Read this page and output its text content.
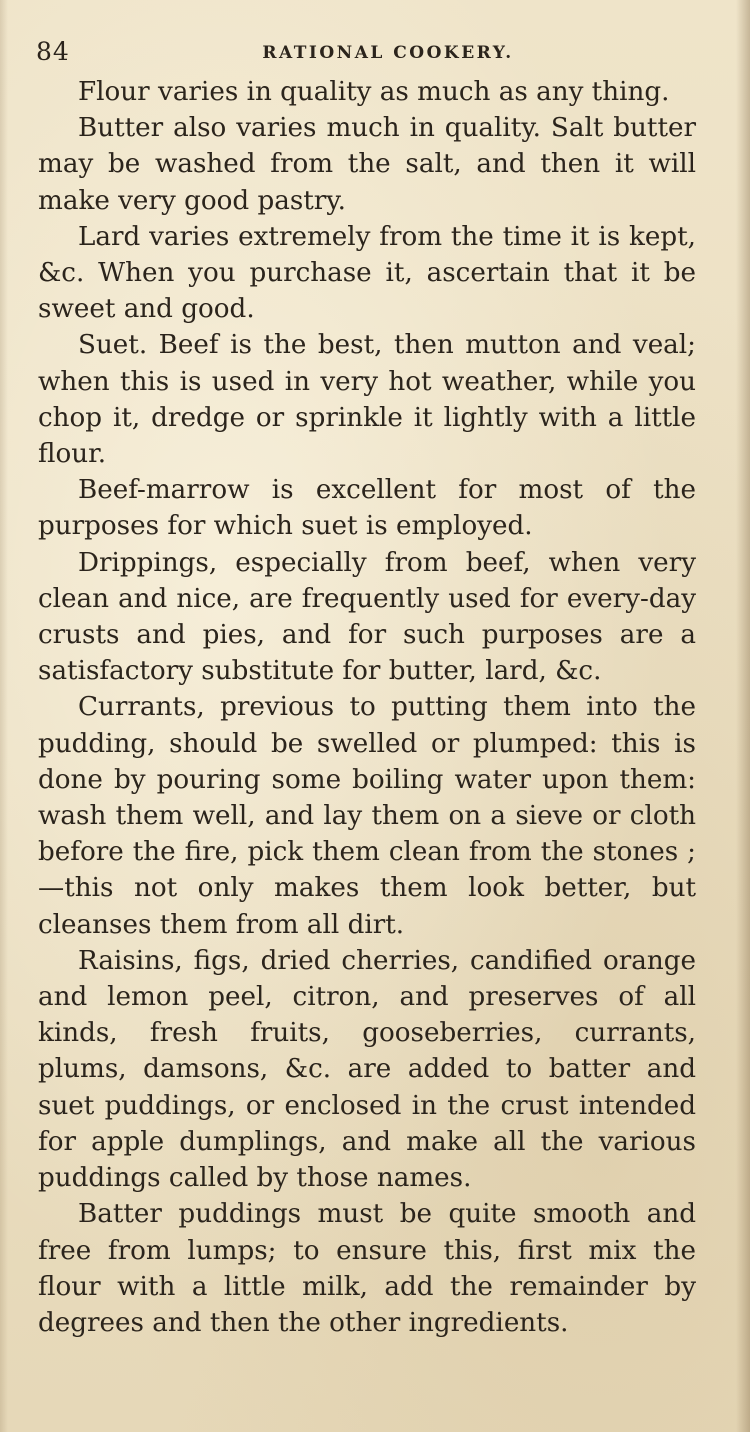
84	RATIONAL COOKERY.

Flour varies in quality as much as any thing.

Butter also varies much in quality. Salt butter may be washed from the salt, and then it will make very good pastry.

Lard varies extremely from the time it is kept, &c. When you purchase it, ascertain that it be sweet and good.

Suet. Beef is the best, then mutton and veal; when this is used in very hot weather, while you chop it, dredge or sprinkle it lightly with a little flour.

Beef-marrow is excellent for most of the purposes for which suet is employed.

Drippings, especially from beef, when very clean and nice, are frequently used for every-day crusts and pies, and for such purposes are a satisfactory substitute for butter, lard, &c.

Currants, previous to putting them into the pudding, should be swelled or plumped: this is done by pouring some boiling water upon them: wash them well, and lay them on a sieve or cloth before the fire, pick them clean from the stones ;—this not only makes them look better, but cleanses them from all dirt.

Raisins, figs, dried cherries, candified orange and lemon peel, citron, and preserves of all kinds, fresh fruits, gooseberries, currants, plums, damsons, &c. are added to batter and suet puddings, or enclosed in the crust intended for apple dumplings, and make all the various puddings called by those names.

Batter puddings must be quite smooth and free from lumps; to ensure this, first mix the flour with a little milk, add the remainder by degrees and then the other ingredients.
